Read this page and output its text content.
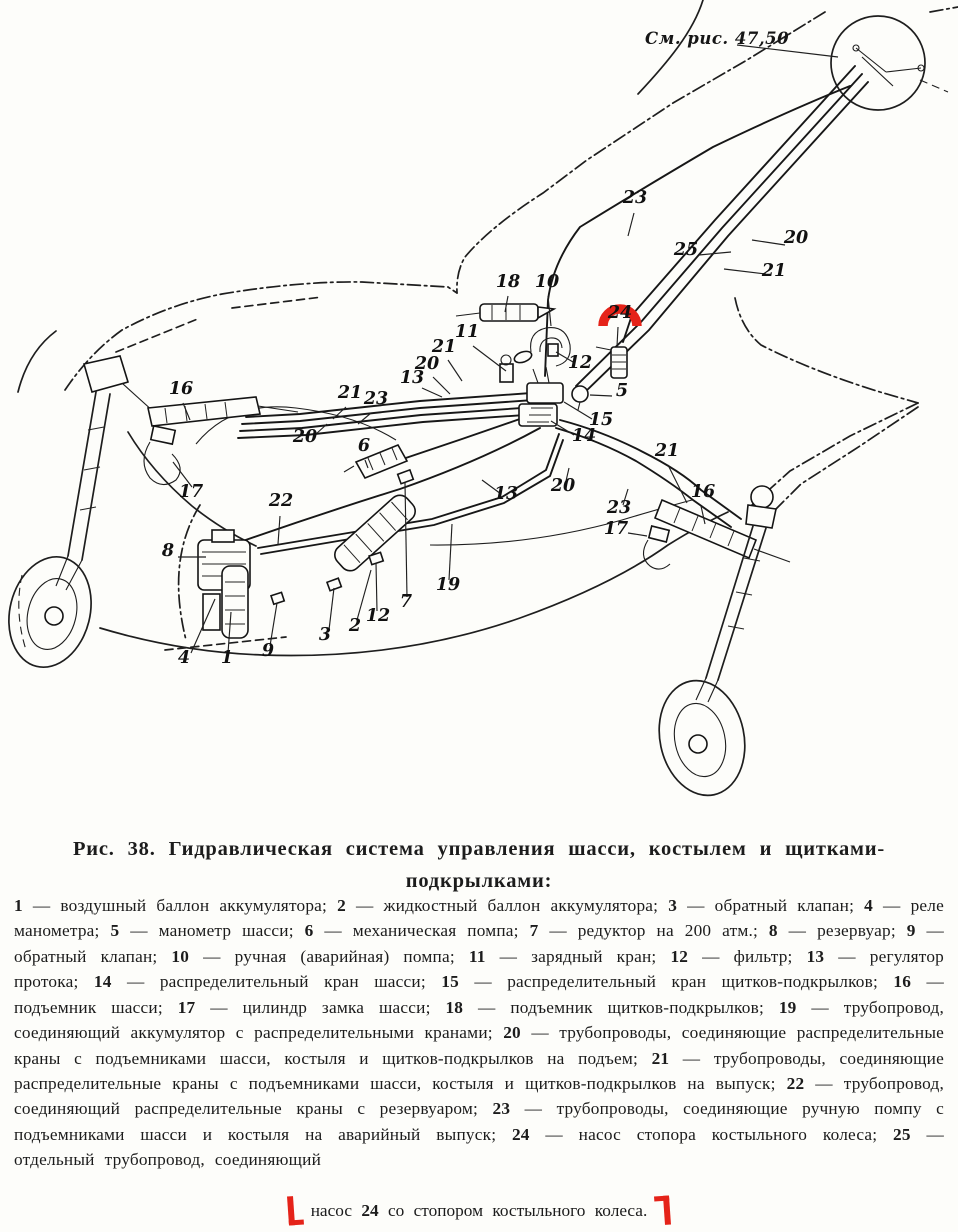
См. рис. 47,50
23
25
20
21
18 10
24
11
21
20
13
12
5
15
14
16	21 23
20 6
17	22
8
13 20
23
21
16
17
19
7
12
2
3
9
1
4
Рис. 38. Гидравлическая система управления шасси, костылем и щитками-
подкрылками:
1 — воздушный баллон аккумулятора; 2 — жидкостный баллон аккумулятора; 3 — обратный клапан; 4 — реле манометра; 5 — манометр шасси; 6 — механическая помпа; 7 — редуктор на 200 атм.; 8 — резервуар; 9 — обратный клапан; 10 — ручная (аварийная) помпа; 11 — зарядный кран; 12 — фильтр; 13 — регулятор протока; 14 — распределительный кран шасси; 15 — распределительный кран щитков-подкрылков; 16 — подъемник шасси; 17 — цилиндр замка шасси; 18 — подъемник щитков-подкрылков; 19 — трубопровод, соединяющий аккумулятор с распределительными кранами; 20 — трубопроводы, соединяющие распределительные краны с подъемниками шасси, костыля и щитков-подкрылков на подъем; 21 — трубопроводы, соединяющие распределительные краны с подъемниками шасси, костыля и щитков-подкрылков на выпуск; 22 — трубопровод, соединяющий распределительные краны с резервуаром; 23 — трубопроводы, соединяющие ручную помпу с подъемниками шасси и костыля на аварийный выпуск; 24 — насос стопора костыльного колеса; 25 — отдельный трубопровод, соединяющий
насос 24 со стопором костыльного колеса.
